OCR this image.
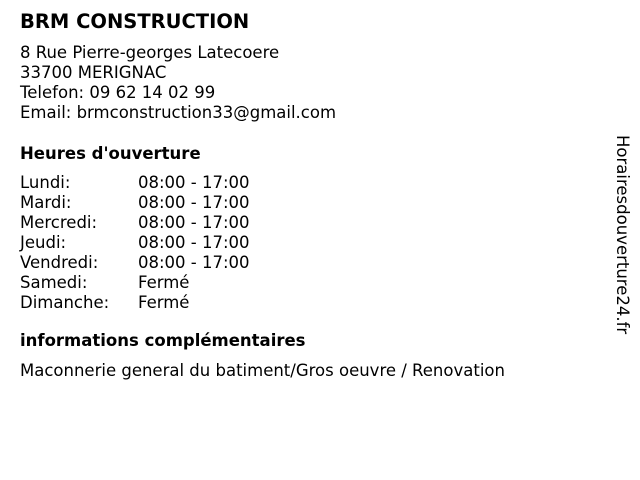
BRM CONSTRUCTION
8 Rue Pierre-georges Latecoere
33700 MERIGNAC
Telefon: 09 62 14 02 99
Email: brmconstruction33@gmail.com
Heures d'ouverture
Lundi:	08:00 - 17:00
Mardi:	08:00 - 17:00
Mercredi:	08:00 - 17:00
Jeudi:	08:00 - 17:00
Vendredi:	08:00 - 17:00
Samedi:	Fermé
Dimanche:	Fermé
informations complémentaires
Maconnerie general du batiment/Gros oeuvre / Renovation
Horairesdouverture24.fr
